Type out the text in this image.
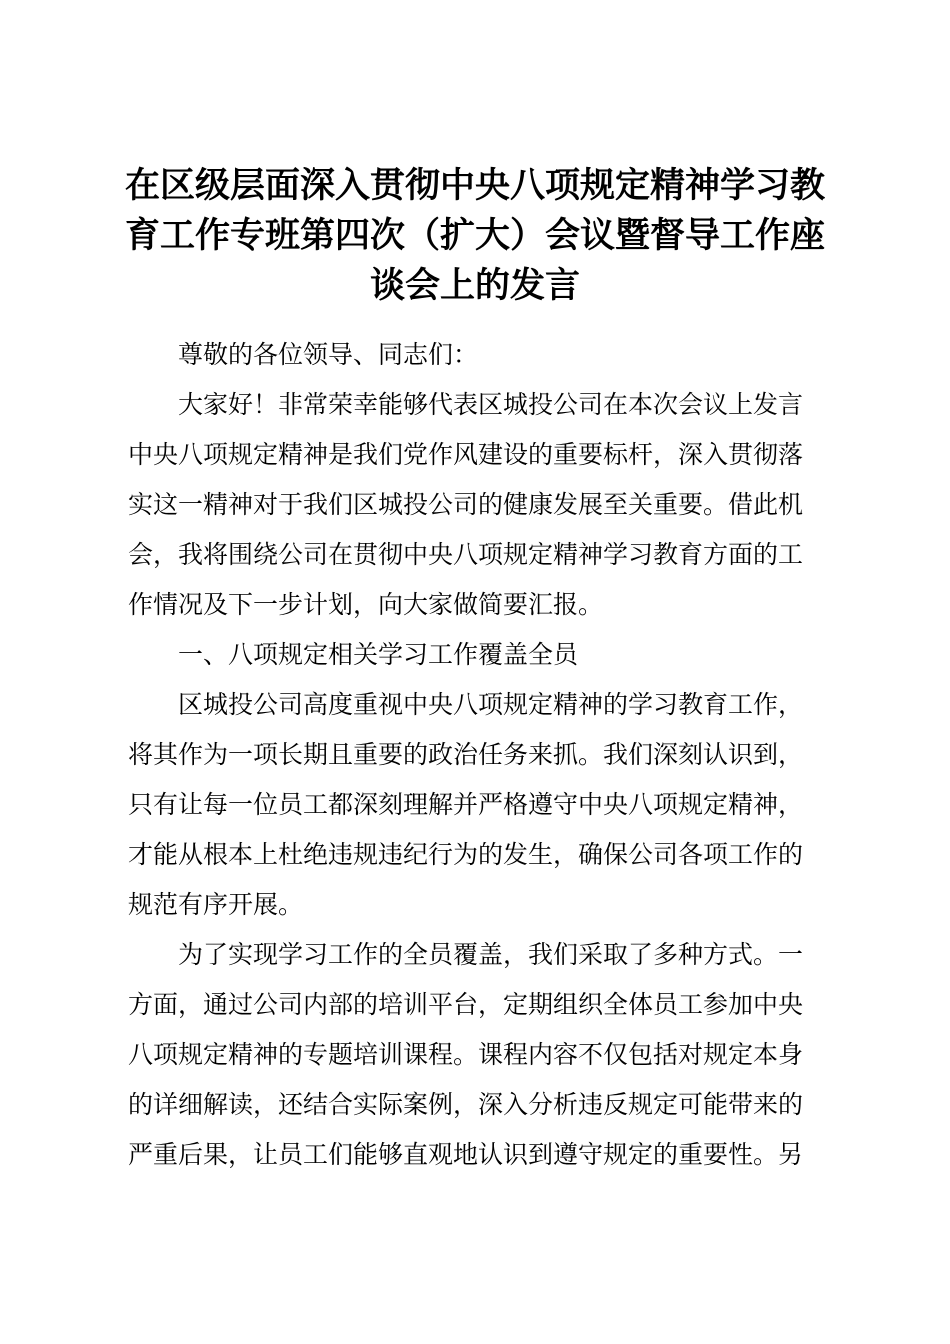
在区级层面深入贯彻中央八项规定精神学习教
育工作专班第四次（扩大）会议暨督导工作座
谈会上的发言

尊敬的各位领导、同志们：

大家好！非常荣幸能够代表区城投公司在本次会议上发言
中央八项规定精神是我们党作风建设的重要标杆，深入贯彻落
实这一精神对于我们区城投公司的健康发展至关重要。借此机
会，我将围绕公司在贯彻中央八项规定精神学习教育方面的工
作情况及下一步计划，向大家做简要汇报。

一、八项规定相关学习工作覆盖全员

区城投公司高度重视中央八项规定精神的学习教育工作，
将其作为一项长期且重要的政治任务来抓。我们深刻认识到，
只有让每一位员工都深刻理解并严格遵守中央八项规定精神，
才能从根本上杜绝违规违纪行为的发生，确保公司各项工作的
规范有序开展。

为了实现学习工作的全员覆盖，我们采取了多种方式。一
方面，通过公司内部的培训平台，定期组织全体员工参加中央
八项规定精神的专题培训课程。课程内容不仅包括对规定本身
的详细解读，还结合实际案例，深入分析违反规定可能带来的
严重后果，让员工们能够直观地认识到遵守规定的重要性。另
